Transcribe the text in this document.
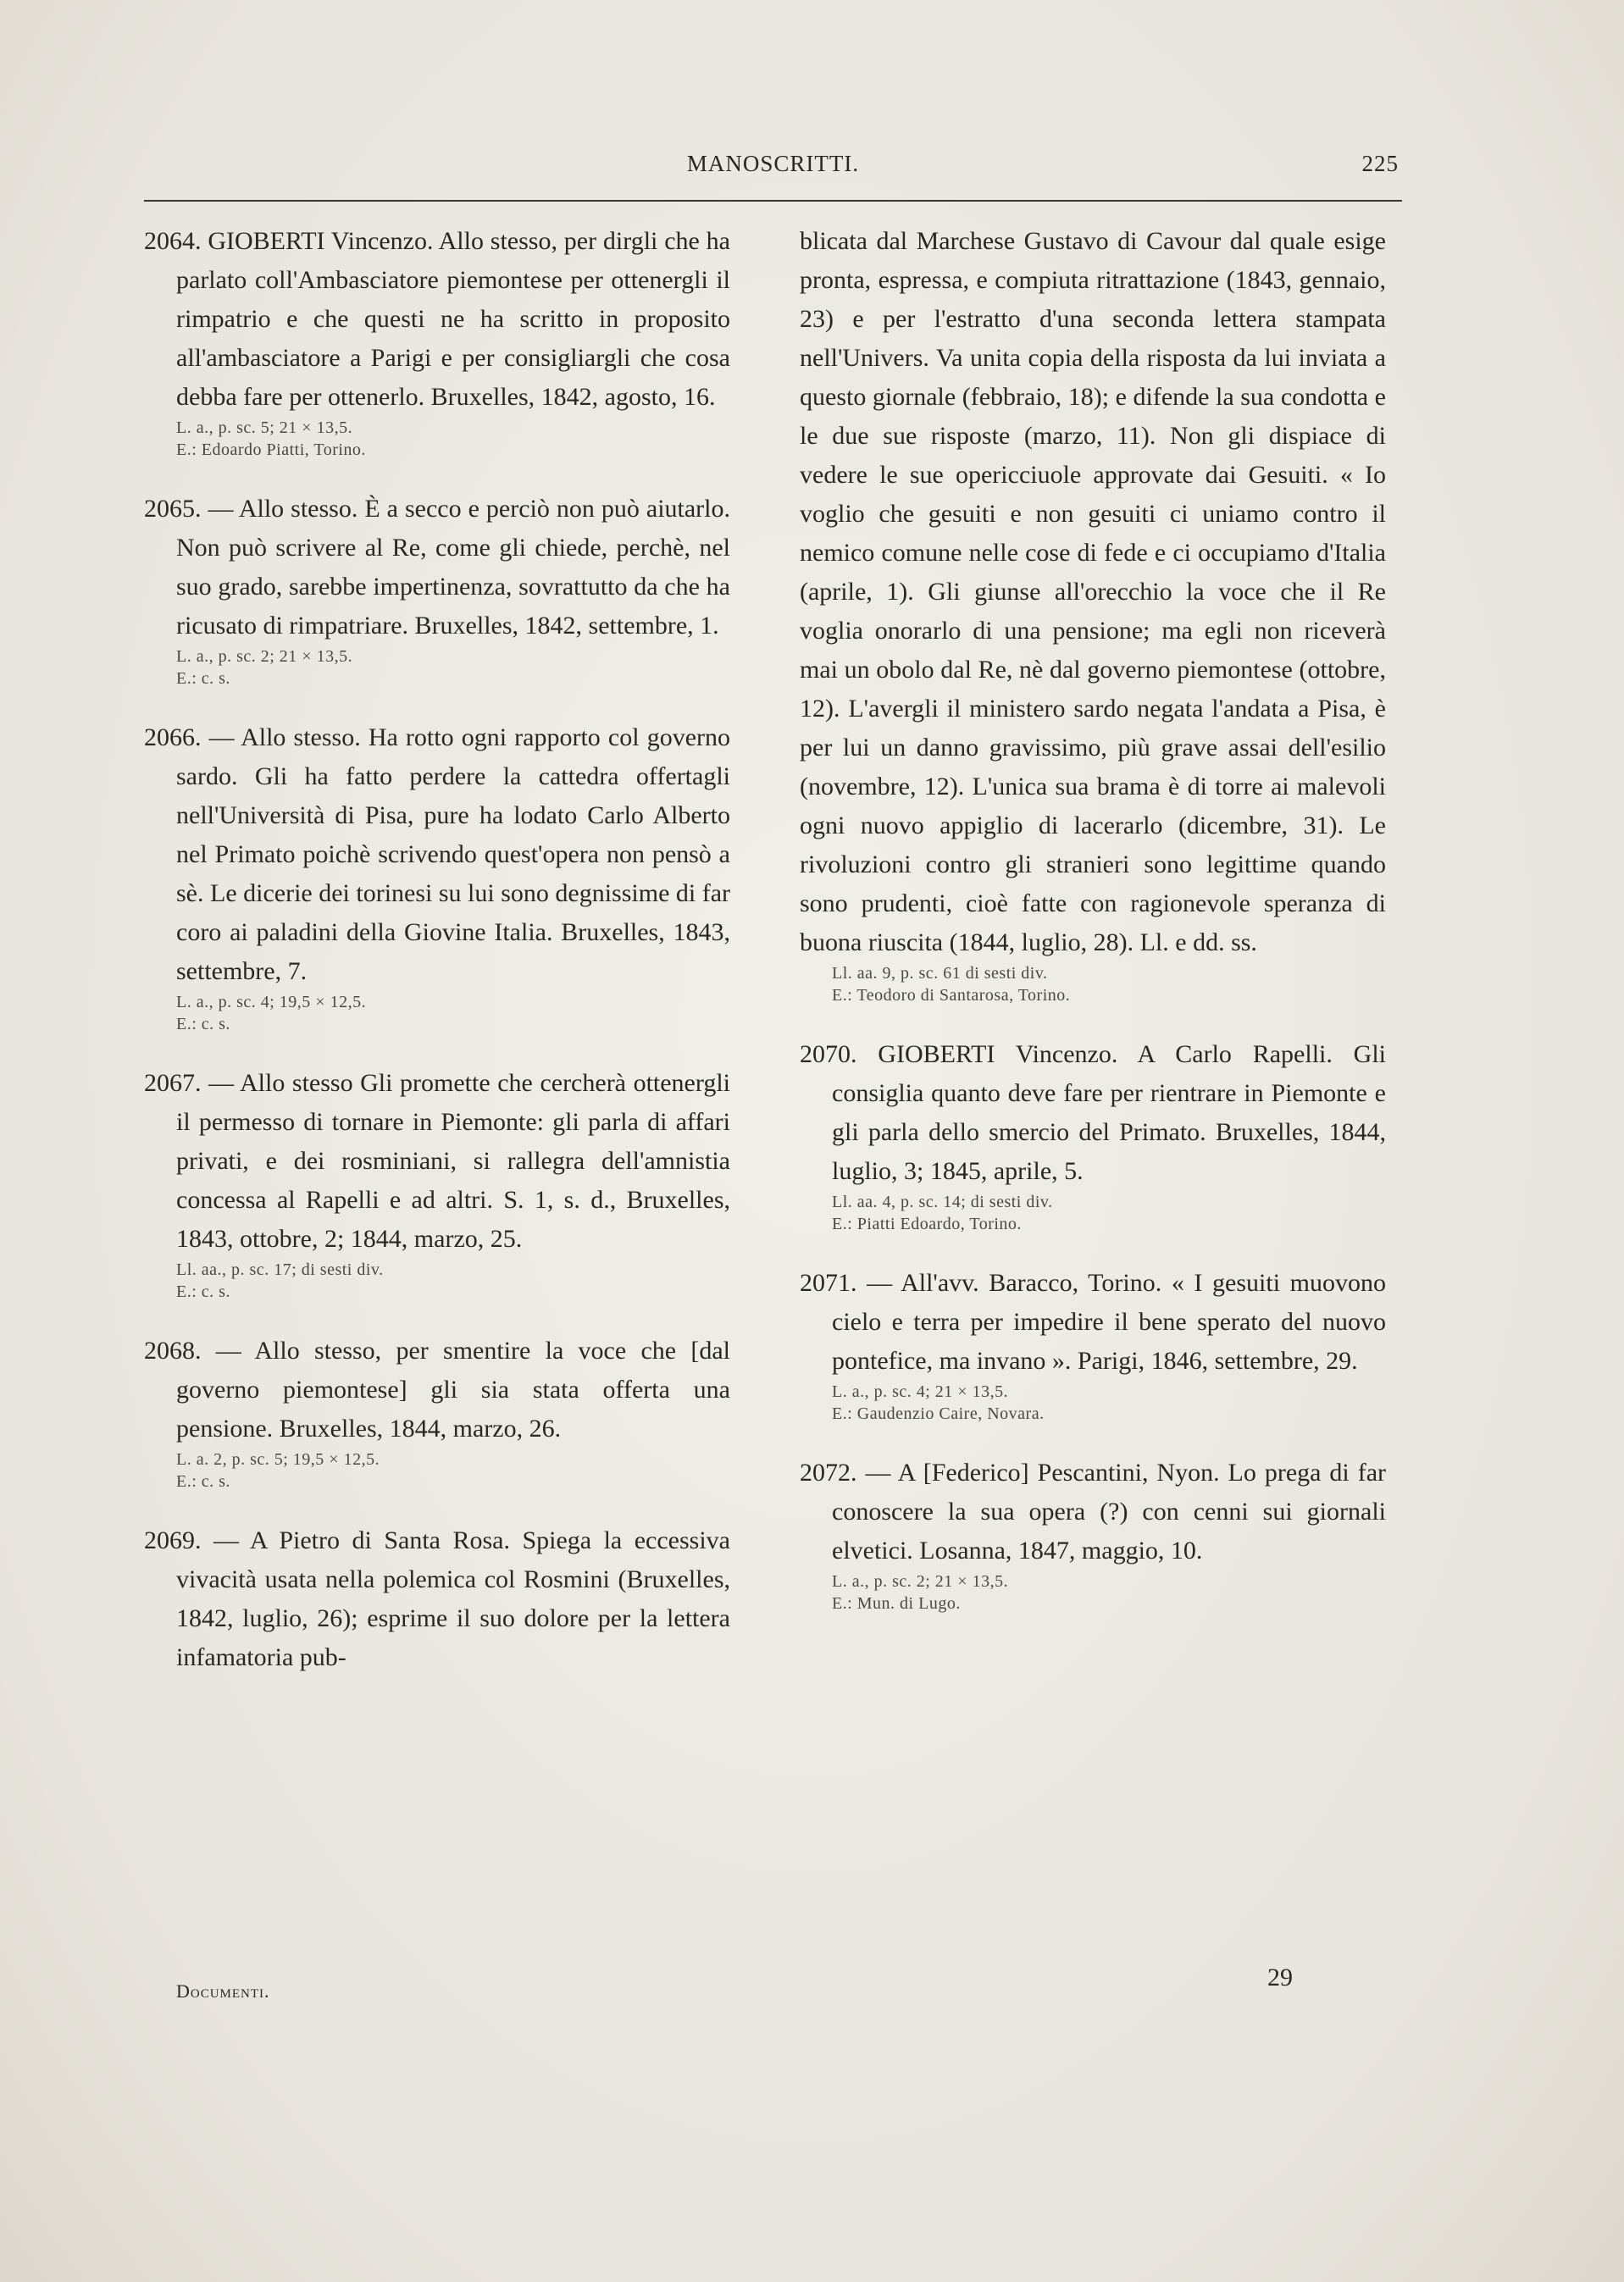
MANOSCRITTI.	225

2064. GIOBERTI Vincenzo. Allo stesso, per dirgli che ha parlato coll'Ambasciatore piemontese per ottenergli il rimpatrio e che questi ne ha scritto in proposito all'ambasciatore a Parigi e per consigliargli che cosa debba fare per ottenerlo. Bruxelles, 1842, agosto, 16.

L. a., p. sc. 5; 21 × 13,5.
E.: Edoardo Piatti, Torino.

2065. — Allo stesso. È a secco e perciò non può aiutarlo. Non può scrivere al Re, come gli chiede, perchè, nel suo grado, sarebbe impertinenza, sovrattutto da che ha ricusato di rimpatriare. Bruxelles, 1842, settembre, 1.

L. a., p. sc. 2; 21 × 13,5.
E.: c. s.

2066. — Allo stesso. Ha rotto ogni rapporto col governo sardo. Gli ha fatto perdere la cattedra offertagli nell'Università di Pisa, pure ha lodato Carlo Alberto nel Primato poichè scrivendo quest'opera non pensò a sè. Le dicerie dei torinesi su lui sono degnissime di far coro ai paladini della Giovine Italia. Bruxelles, 1843, settembre, 7.

L. a., p. sc. 4; 19,5 × 12,5.
E.: c. s.

2067. — Allo stesso Gli promette che cercherà ottenergli il permesso di tornare in Piemonte: gli parla di affari privati, e dei rosminiani, si rallegra dell'amnistia concessa al Rapelli e ad altri. S. 1, s. d., Bruxelles, 1843, ottobre, 2; 1844, marzo, 25.

Ll. aa., p. sc. 17; di sesti div.
E.: c. s.

2068. — Allo stesso, per smentire la voce che [dal governo piemontese] gli sia stata offerta una pensione. Bruxelles, 1844, marzo, 26.

L. a. 2, p. sc. 5; 19,5 × 12,5.
E.: c. s.

2069. — A Pietro di Santa Rosa. Spiega la eccessiva vivacità usata nella polemica col Rosmini (Bruxelles, 1842, luglio, 26); esprime il suo dolore per la lettera infamatoria pub-

blicata dal Marchese Gustavo di Cavour dal quale esige pronta, espressa, e compiuta ritrattazione (1843, gennaio, 23) e per l'estratto d'una seconda lettera stampata nell'Univers. Va unita copia della risposta da lui inviata a questo giornale (febbraio, 18); e difende la sua condotta e le due sue risposte (marzo, 11). Non gli dispiace di vedere le sue opericciuole approvate dai Gesuiti. « Io voglio che gesuiti e non gesuiti ci uniamo contro il nemico comune nelle cose di fede e ci occupiamo d'Italia (aprile, 1). Gli giunse all'orecchio la voce che il Re voglia onorarlo di una pensione; ma egli non riceverà mai un obolo dal Re, nè dal governo piemontese (ottobre, 12). L'avergli il ministero sardo negata l'andata a Pisa, è per lui un danno gravissimo, più grave assai dell'esilio (novembre, 12). L'unica sua brama è di torre ai malevoli ogni nuovo appiglio di lacerarlo (dicembre, 31). Le rivoluzioni contro gli stranieri sono legittime quando sono prudenti, cioè fatte con ragionevole speranza di buona riuscita (1844, luglio, 28). Ll. e dd. ss.

Ll. aa. 9, p. sc. 61 di sesti div.
E.: Teodoro di Santarosa, Torino.

2070. GIOBERTI Vincenzo. A Carlo Rapelli. Gli consiglia quanto deve fare per rientrare in Piemonte e gli parla dello smercio del Primato. Bruxelles, 1844, luglio, 3; 1845, aprile, 5.

Ll. aa. 4, p. sc. 14; di sesti div.
E.: Piatti Edoardo, Torino.

2071. — All'avv. Baracco, Torino. « I gesuiti muovono cielo e terra per impedire il bene sperato del nuovo pontefice, ma invano ». Parigi, 1846, settembre, 29.

L. a., p. sc. 4; 21 × 13,5.
E.: Gaudenzio Caire, Novara.

2072. — A [Federico] Pescantini, Nyon. Lo prega di far conoscere la sua opera (?) con cenni sui giornali elvetici. Losanna, 1847, maggio, 10.

L. a., p. sc. 2; 21 × 13,5.
E.: Mun. di Lugo.
Documenti.	29
